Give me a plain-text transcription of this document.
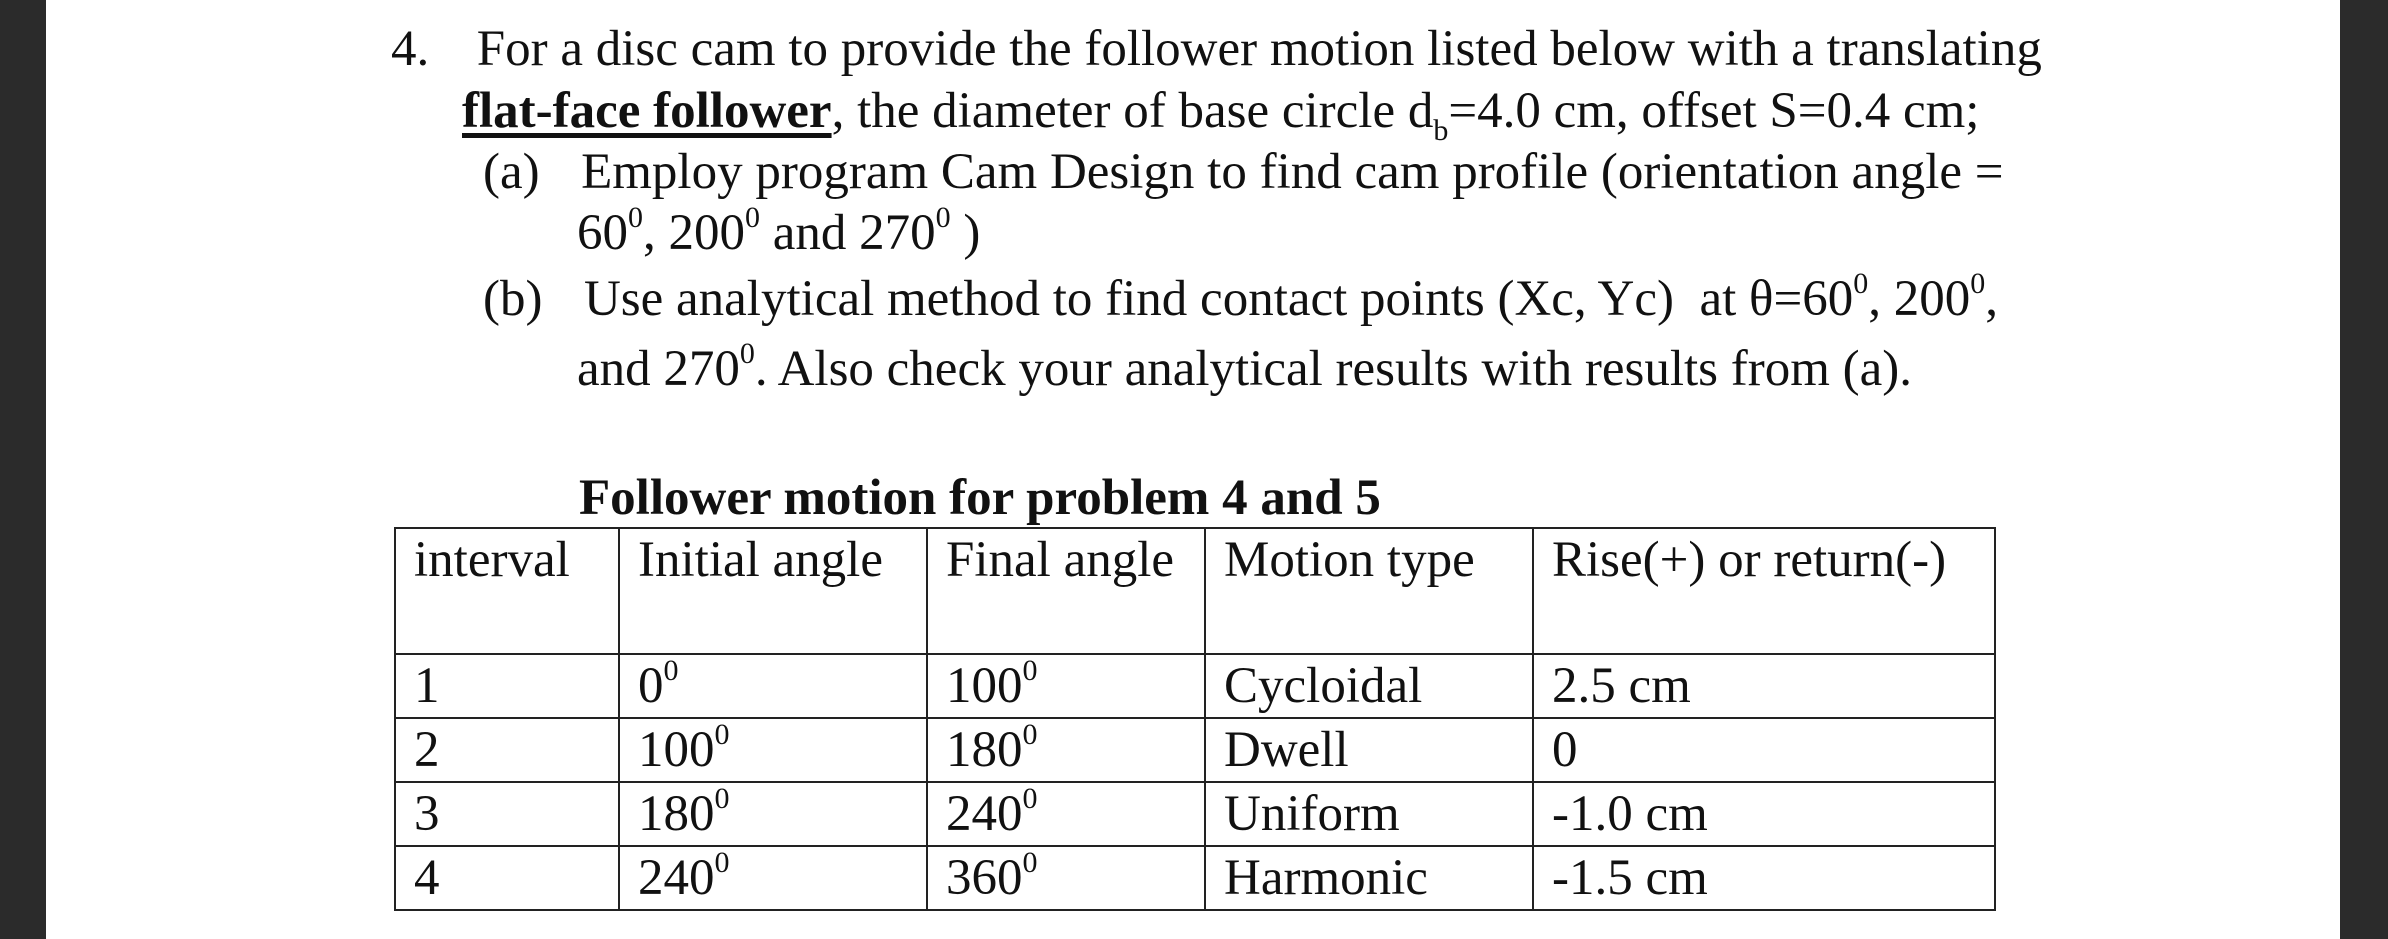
4. For a disc cam to provide the follower motion listed below with a translating
flat-face follower, the diameter of base circle $d_b=4.0$ cm, offset S=0.4 cm;
(a) Employ program Cam Design to find cam profile (orientation angle =
$60^0$, $200^0$ and $270^0$ )
(b) Use analytical method to find contact points (Xc, Yc)  at $\theta=60^0$, $200^0$,
and $270^0$. Also check your analytical results with results from (a).
Follower motion for problem 4 and 5
interval	Initial angle	Final angle	Motion type	Rise(+) or return(-)
1	$0^0$	$100^0$	Cycloidal	2.5 cm
2	$100^0$	$180^0$	Dwell	0
3	$180^0$	$240^0$	Uniform	-1.0 cm
4	$240^0$	$360^0$	Harmonic	-1.5 cm
